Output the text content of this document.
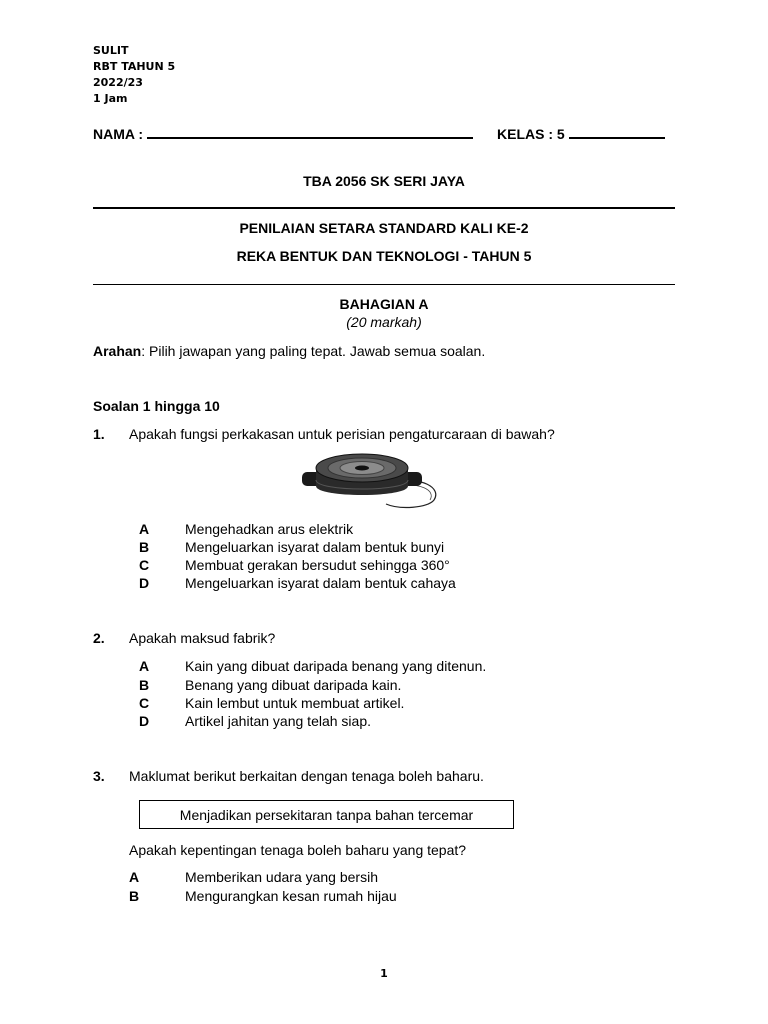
SULIT
RBT TAHUN 5
2022/23
1 Jam
NAMA :	KELAS : 5
TBA 2056 SK SERI JAYA
PENILAIAN SETARA STANDARD KALI KE-2
REKA BENTUK DAN TEKNOLOGI - TAHUN 5
BAHAGIAN A
(20 markah)
Arahan: Pilih jawapan yang paling tepat. Jawab semua soalan.
Soalan 1 hingga 10
1. Apakah fungsi perkakasan untuk perisian pengaturcaraan di bawah?
A	Mengehadkan arus elektrik
B	Mengeluarkan isyarat dalam bentuk bunyi
C	Membuat gerakan bersudut sehingga 360°
D	Mengeluarkan isyarat dalam bentuk cahaya
2. Apakah maksud fabrik?
A	Kain yang dibuat daripada benang yang ditenun.
B	Benang yang dibuat daripada kain.
C	Kain lembut untuk membuat artikel.
D	Artikel jahitan yang telah siap.
3. Maklumat berikut berkaitan dengan tenaga boleh baharu.
Menjadikan persekitaran tanpa bahan tercemar
Apakah kepentingan tenaga boleh baharu yang tepat?
A	Memberikan udara yang bersih
B	Mengurangkan kesan rumah hijau
1
